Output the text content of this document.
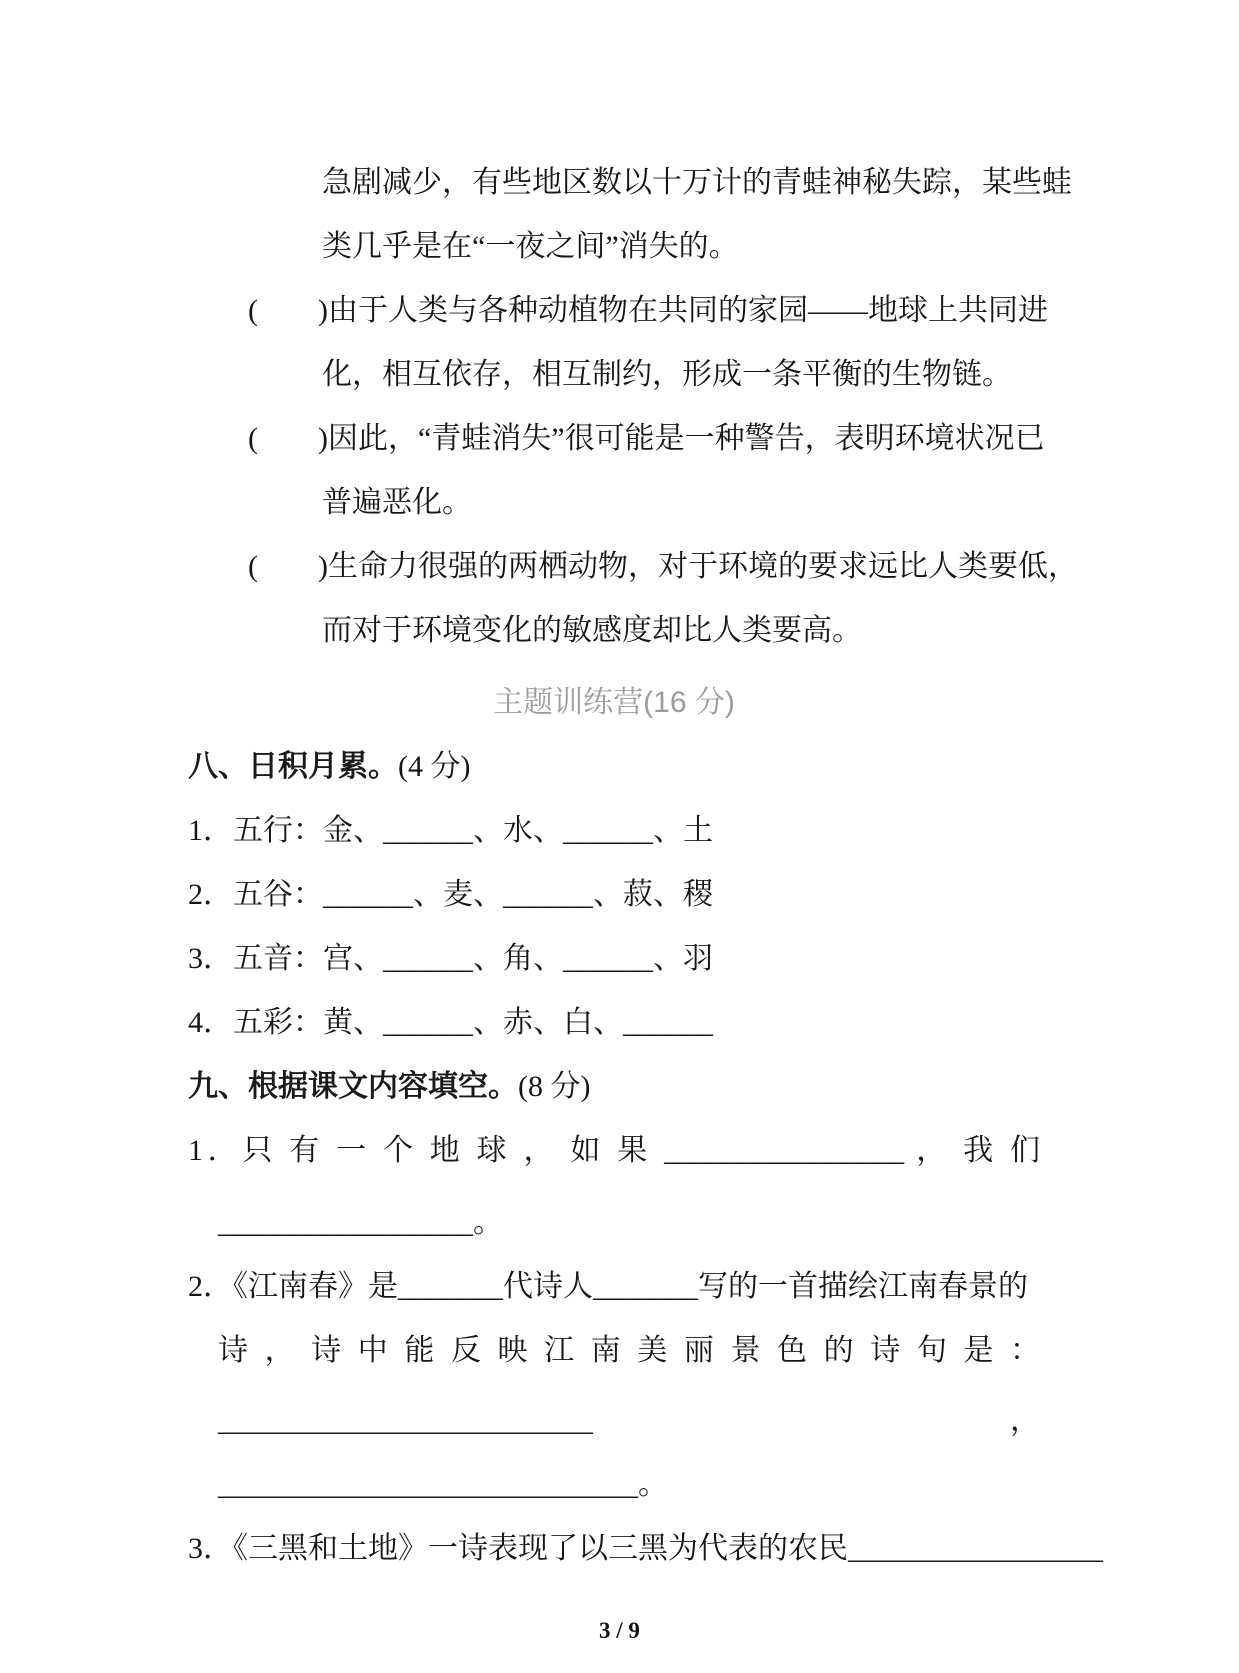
急剧减少，有些地区数以十万计的青蛙神秘失踪，某些蛙
类几乎是在“一夜之间”消失的。
(　　)由于人类与各种动植物在共同的家园——地球上共同进
化，相互依存，相互制约，形成一条平衡的生物链。
(　　)因此，“青蛙消失”很可能是一种警告，表明环境状况已
普遍恶化。
(　　)生命力很强的两栖动物，对于环境的要求远比人类要低，
而对于环境变化的敏感度却比人类要高。
主题训练营(16 分)
八、日积月累。(4 分)
1．五行：金、______、水、______、土
2．五谷：______、麦、______、菽、稷
3．五音：宫、______、角、______、羽
4．五彩：黄、______、赤、白、______
九、根据课文内容填空。(8 分)
1．只 有 一 个 地 球 ， 如 果 ________________ ， 我 们
_________________。
2．《江南春》是_______代诗人_______写的一首描绘江南春景的
诗 ， 诗 中 能 反 映 江 南 美 丽 景 色 的 诗 句 是 ：
_________________________	，
____________________________。
3．《三黑和土地》一诗表现了以三黑为代表的农民_________________
3 / 9
